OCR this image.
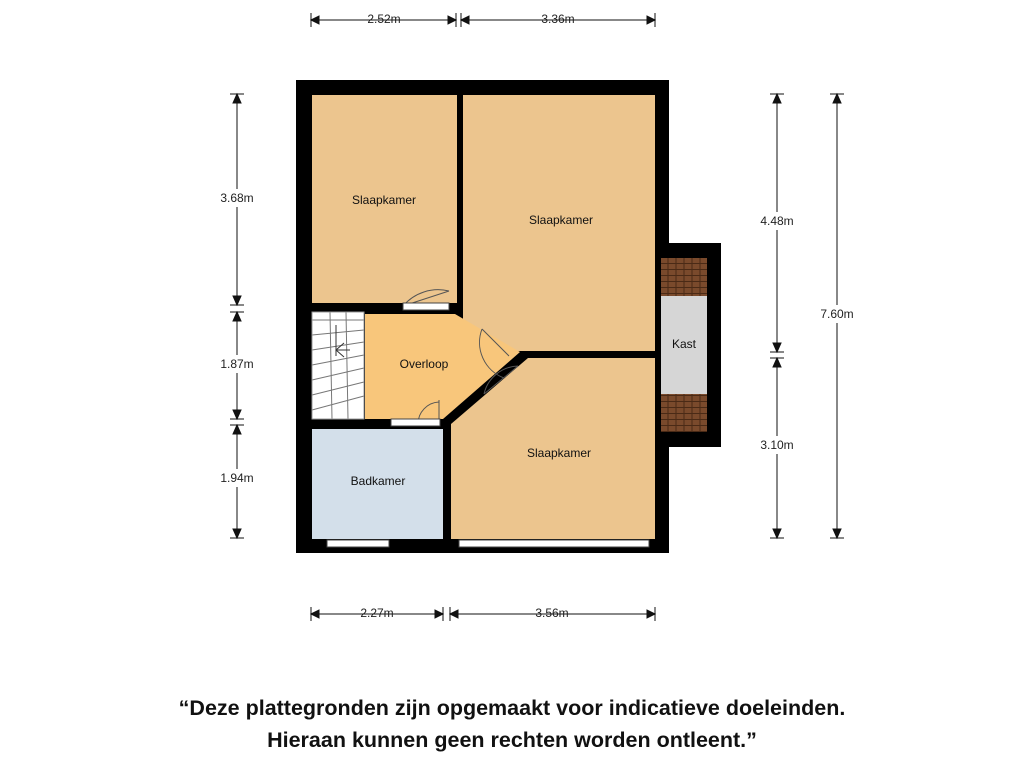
Slaapkamer
Slaapkamer
Overloop
Slaapkamer
Badkamer
Kast
2.52m	3.36m
2.27m	3.56m
3.68m
1.87m
1.94m
4.48m
3.10m
7.60m
“Deze plattegronden zijn opgemaakt voor indicatieve doeleinden.
Hieraan kunnen geen rechten worden ontleent.”
